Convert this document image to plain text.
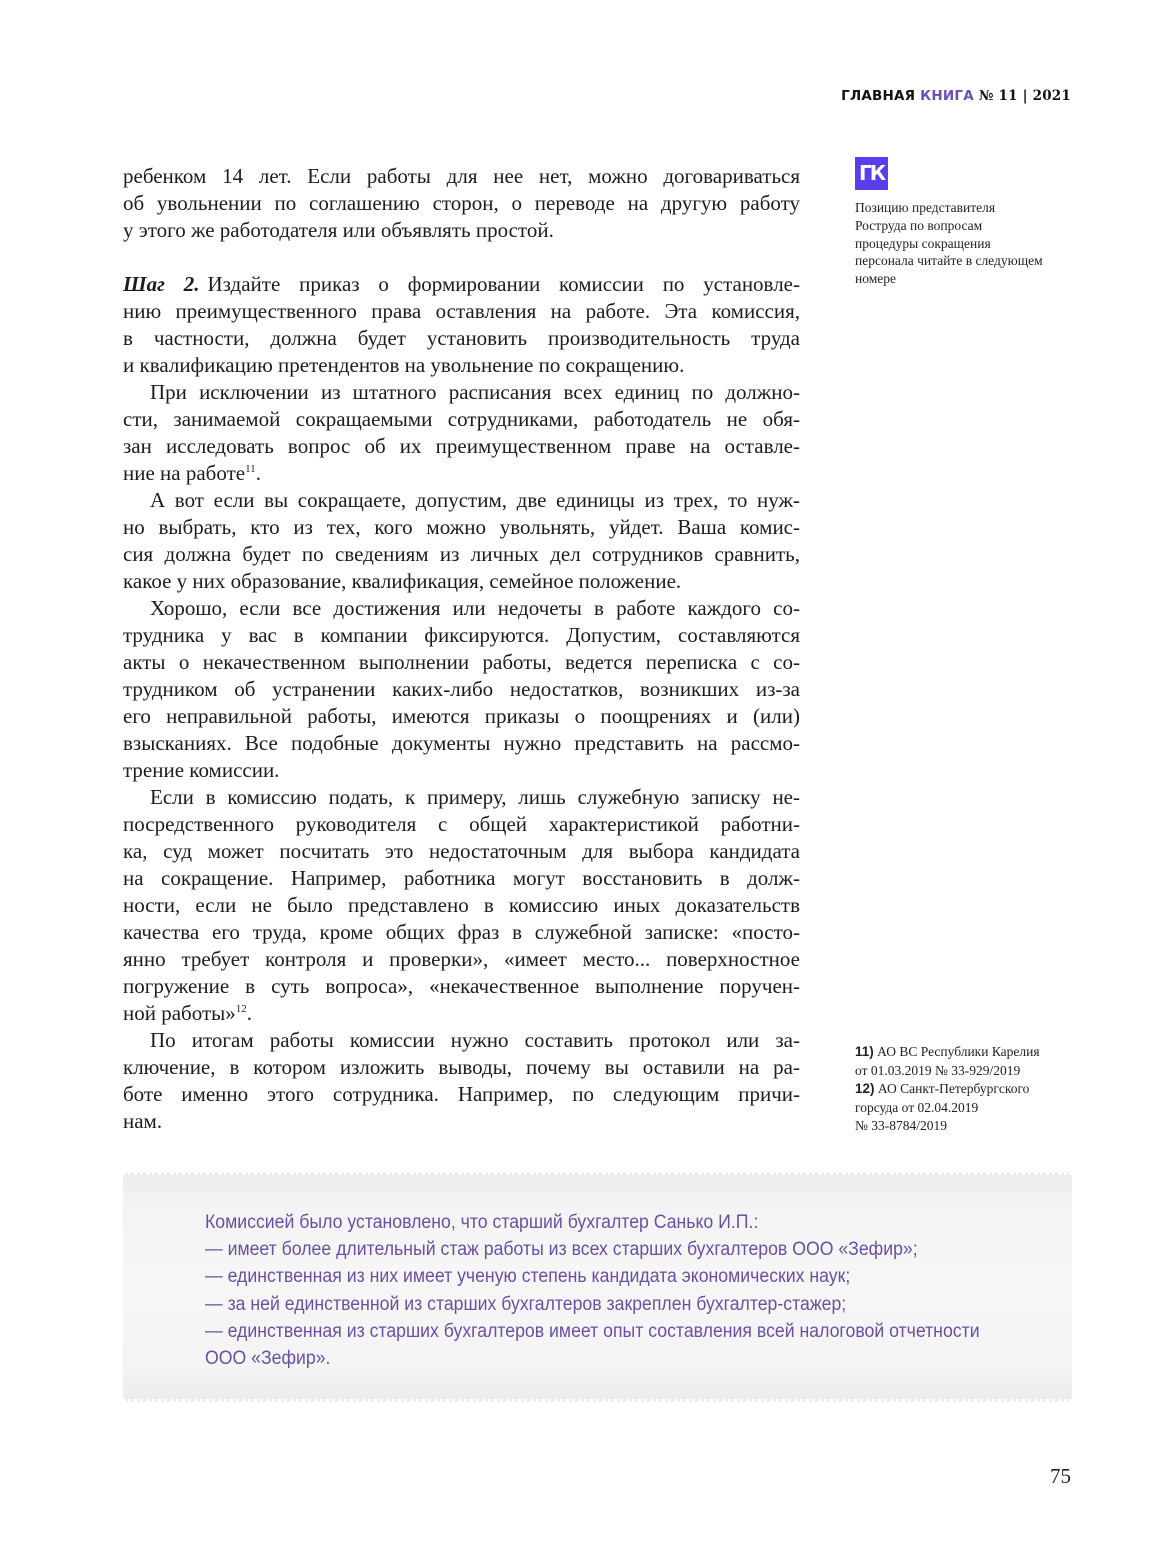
ГЛАВНАЯ КНИГА № 11 | 2021
ГК
Позицию представителя
Роструда по вопросам
процедуры сокращения
персонала читайте в следующем
номере
ребенком 14 лет. Если работы для нее нет, можно договариваться
об увольнении по соглашению сторон, о переводе на другую работу
у этого же работодателя или объявлять простой.
Шаг 2. Издайте приказ о формировании комиссии по установле-
нию преимущественного права оставления на работе. Эта комиссия,
в частности, должна будет установить производительность труда
и квалификацию претендентов на увольнение по сокращению.
При исключении из штатного расписания всех единиц по должно-
сти, занимаемой сокращаемыми сотрудниками, работодатель не обя-
зан исследовать вопрос об их преимущественном праве на оставле-
ние на работе$^{11}$.
А вот если вы сокращаете, допустим, две единицы из трех, то нуж-
но выбрать, кто из тех, кого можно увольнять, уйдет. Ваша комис-
сия должна будет по сведениям из личных дел сотрудников сравнить,
какое у них образование, квалификация, семейное положение.
Хорошо, если все достижения или недочеты в работе каждого со-
трудника у вас в компании фиксируются. Допустим, составляются
акты о некачественном выполнении работы, ведется переписка с со-
трудником об устранении каких-либо недостатков, возникших из-за
его неправильной работы, имеются приказы о поощрениях и (или)
взысканиях. Все подобные документы нужно представить на рассмо-
трение комиссии.
Если в комиссию подать, к примеру, лишь служебную записку не-
посредственного руководителя с общей характеристикой работни-
ка, суд может посчитать это недостаточным для выбора кандидата
на сокращение. Например, работника могут восстановить в долж-
ности, если не было представлено в комиссию иных доказательств
качества его труда, кроме общих фраз в служебной записке: «посто-
янно требует контроля и проверки», «имеет место... поверхностное
погружение в суть вопроса», «некачественное выполнение поручен-
ной работы»$^{12}$.
По итогам работы комиссии нужно составить протокол или за-
ключение, в котором изложить выводы, почему вы оставили на ра-
боте именно этого сотрудника. Например, по следующим причи-
нам.
11) АО ВС Республики Карелия
от 01.03.2019 № 33-929/2019
12) АО Санкт-Петербургского
горсуда от 02.04.2019
№ 33-8784/2019
Комиссией было установлено, что старший бухгалтер Санько И.П.:
— имеет более длительный стаж работы из всех старших бухгалтеров ООО «Зефир»;
— единственная из них имеет ученую степень кандидата экономических наук;
— за ней единственной из старших бухгалтеров закреплен бухгалтер-стажер;
— единственная из старших бухгалтеров имеет опыт составления всей налоговой отчетности
ООО «Зефир».
75
